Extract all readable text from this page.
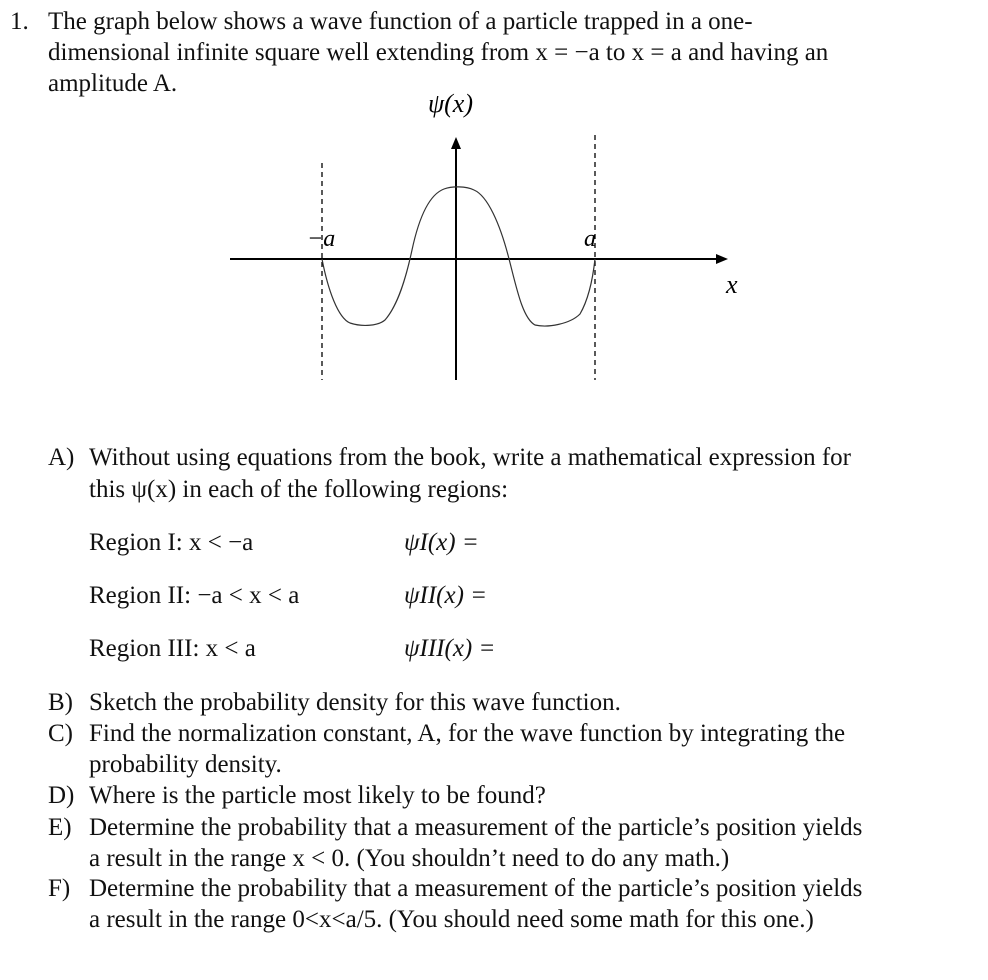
1. The graph below shows a wave function of a particle trapped in a one-
dimensional infinite square well extending from x = −a to x = a and having an
amplitude A.
−a	a
ψ(x)
x
A) Without using equations from the book, write a mathematical expression for
this ψ(x) in each of the following regions:
Region I: x < −a	ψI(x) =
Region II: −a < x < a	ψII(x) =
Region III: x < a	ψIII(x) =
B) Sketch the probability density for this wave function.
C) Find the normalization constant, A, for the wave function by integrating the
probability density.
D) Where is the particle most likely to be found?
E) Determine the probability that a measurement of the particle’s position yields
a result in the range x < 0. (You shouldn’t need to do any math.)
F) Determine the probability that a measurement of the particle’s position yields
a result in the range 0<x<a/5. (You should need some math for this one.)
